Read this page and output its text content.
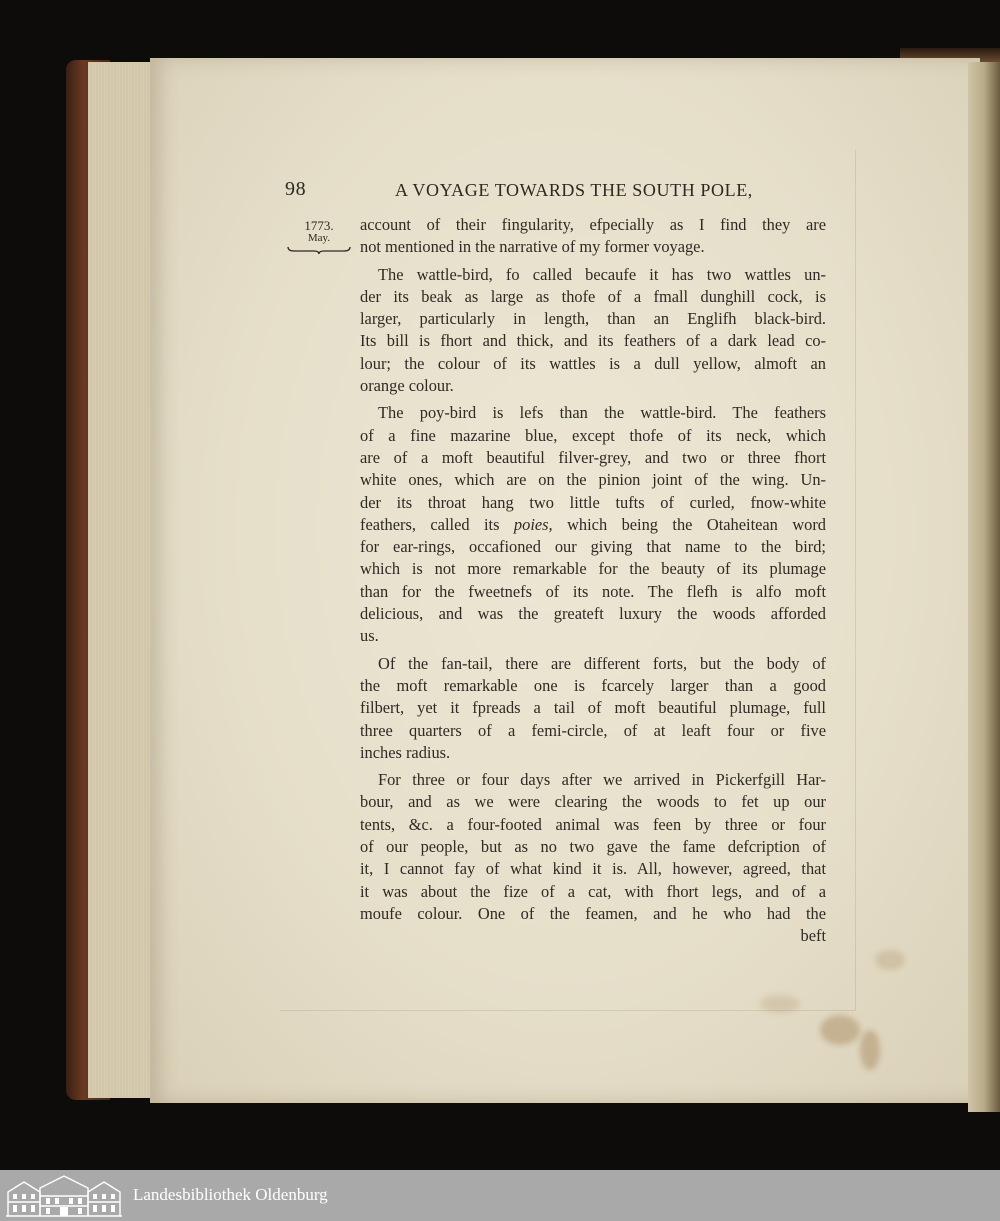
98	A VOYAGE TOWARDS THE SOUTH POLE,
1773.
May.
account of their fingularity, efpecially as I find they are
not mentioned in the narrative of my former voyage.
The wattle-bird, fo called becaufe it has two wattles un-
der its beak as large as thofe of a fmall dunghill cock, is
larger, particularly in length, than an Englifh black-bird.
Its bill is fhort and thick, and its feathers of a dark lead co-
lour; the colour of its wattles is a dull yellow, almoft an
orange colour.
The poy-bird is lefs than the wattle-bird. The feathers
of a fine mazarine blue, except thofe of its neck, which
are of a moft beautiful filver-grey, and two or three fhort
white ones, which are on the pinion joint of the wing. Un-
der its throat hang two little tufts of curled, fnow-white
feathers, called its poies, which being the Otaheitean word
for ear-rings, occafioned our giving that name to the bird;
which is not more remarkable for the beauty of its plumage
than for the fweetnefs of its note. The flefh is alfo moft
delicious, and was the greateft luxury the woods afforded
us.
Of the fan-tail, there are different forts, but the body of
the moft remarkable one is fcarcely larger than a good
filbert, yet it fpreads a tail of moft beautiful plumage, full
three quarters of a femi-circle, of at leaft four or five
inches radius.
For three or four days after we arrived in Pickerfgill Har-
bour, and as we were clearing the woods to fet up our
tents, &c. a four-footed animal was feen by three or four
of our people, but as no two gave the fame defcription of
it, I cannot fay of what kind it is. All, however, agreed, that
it was about the fize of a cat, with fhort legs, and of a
moufe colour. One of the feamen, and he who had the
beft
Landesbibliothek Oldenburg
